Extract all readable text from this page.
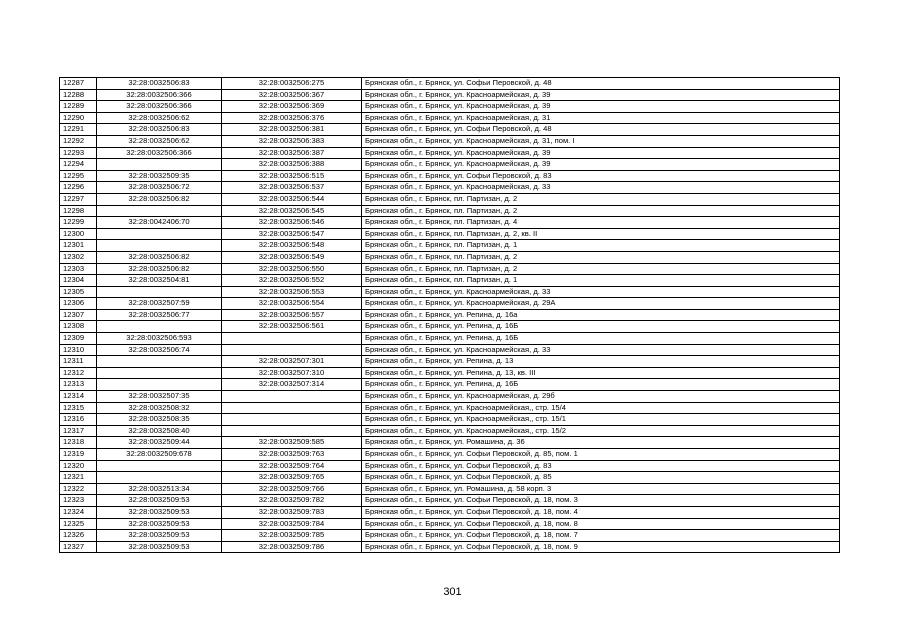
12287	32:28:0032506:83	32:28:0032506:275	Брянская обл., г. Брянск, ул. Софьи Перовской, д. 48
12288	32:28:0032506:366	32:28:0032506:367	Брянская обл., г. Брянск, ул. Красноармейская, д. 39
12289	32:28:0032506:366	32:28:0032506:369	Брянская обл., г. Брянск, ул. Красноармейская, д. 39
12290	32:28:0032506:62	32:28:0032506:376	Брянская обл., г. Брянск, ул. Красноармейская, д. 31
12291	32:28:0032506:83	32:28:0032506:381	Брянская обл., г. Брянск, ул. Софьи Перовской, д. 48
12292	32:28:0032506:62	32:28:0032506:383	Брянская обл., г. Брянск, ул. Красноармейская, д. 31, пом. I
12293	32:28:0032506:366	32:28:0032506:387	Брянская обл., г. Брянск, ул. Красноармейская, д. 39
12294		32:28:0032506:388	Брянская обл., г. Брянск, ул. Красноармейская, д. 39
12295	32:28:0032509:35	32:28:0032506:515	Брянская обл., г. Брянск, ул. Софьи Перовской, д. 83
12296	32:28:0032506:72	32:28:0032506:537	Брянская обл., г. Брянск, ул. Красноармейская, д. 33
12297	32:28:0032506:82	32:28:0032506:544	Брянская обл., г. Брянск, пл. Партизан, д. 2
12298		32:28:0032506:545	Брянская обл., г. Брянск, пл. Партизан, д. 2
12299	32:28:0042406:70	32:28:0032506:546	Брянская обл., г. Брянск, пл. Партизан, д. 4
12300		32:28:0032506:547	Брянская обл., г. Брянск, пл. Партизан, д. 2, кв. II
12301		32:28:0032506:548	Брянская обл., г. Брянск, пл. Партизан, д. 1
12302	32:28:0032506:82	32:28:0032506:549	Брянская обл., г. Брянск, пл. Партизан, д. 2
12303	32:28:0032506:82	32:28:0032506:550	Брянская обл., г. Брянск, пл. Партизан, д. 2
12304	32:28:0032504:81	32:28:0032506:552	Брянская обл., г. Брянск, пл. Партизан, д. 1
12305		32:28:0032506:553	Брянская обл., г. Брянск, ул. Красноармейская, д. 33
12306	32:28:0032507:59	32:28:0032506:554	Брянская обл., г. Брянск, ул. Красноармейская, д. 29А
12307	32:28:0032506:77	32:28:0032506:557	Брянская обл., г. Брянск, ул. Репина, д. 16а
12308		32:28:0032506:561	Брянская обл., г. Брянск, ул. Репина, д. 16Б
12309	32:28:0032506:593		Брянская обл., г. Брянск, ул. Репина, д. 16Б
12310	32:28:0032506:74		Брянская обл., г. Брянск, ул. Красноармейская, д. 33
12311		32:28:0032507:301	Брянская обл., г. Брянск, ул. Репина, д. 13
12312		32:28:0032507:310	Брянская обл., г. Брянск, ул. Репина, д. 13, кв. III
12313		32:28:0032507:314	Брянская обл., г. Брянск, ул. Репина, д. 16Б
12314	32:28:0032507:35		Брянская обл., г. Брянск, ул. Красноармейская, д. 29б
12315	32:28:0032508:32		Брянская обл., г. Брянск, ул. Красноармейская,, стр. 15/4
12316	32:28:0032508:35		Брянская обл., г. Брянск, ул. Красноармейская,, стр. 15/1
12317	32:28:0032508:40		Брянская обл., г. Брянск, ул. Красноармейская,, стр. 15/2
12318	32:28:0032509:44	32:28:0032509:585	Брянская обл., г. Брянск, ул. Ромашина, д. 36
12319	32:28:0032509:678	32:28:0032509:763	Брянская обл., г. Брянск, ул. Софьи Перовской, д. 85, пом. 1
12320		32:28:0032509:764	Брянская обл., г. Брянск, ул. Софьи Перовской, д. 83
12321		32:28:0032509:765	Брянская обл., г. Брянск, ул. Софьи Перовской, д. 85
12322	32:28:0032513:34	32:28:0032509:766	Брянская обл., г. Брянск, ул. Ромашина, д. 58 корп. 3
12323	32:28:0032509:53	32:28:0032509:782	Брянская обл., г. Брянск, ул. Софьи Перовской, д. 18, пом. 3
12324	32:28:0032509:53	32:28:0032509:783	Брянская обл., г. Брянск, ул. Софьи Перовской, д. 18, пом. 4
12325	32:28:0032509:53	32:28:0032509:784	Брянская обл., г. Брянск, ул. Софьи Перовской, д. 18, пом. 8
12326	32:28:0032509:53	32:28:0032509:785	Брянская обл., г. Брянск, ул. Софьи Перовской, д. 18, пом. 7
12327	32:28:0032509:53	32:28:0032509:786	Брянская обл., г. Брянск, ул. Софьи Перовской, д. 18, пом. 9
301
